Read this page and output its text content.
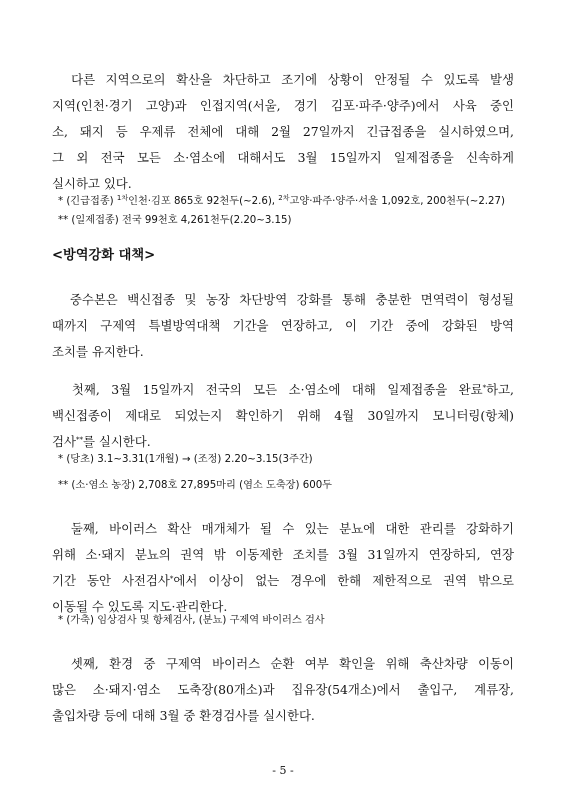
　다른 지역으로의 확산을 차단하고 조기에 상황이 안정될 수 있도록 발생
지역(인천·경기 고양)과 인접지역(서울, 경기 김포·파주·양주)에서 사육 중인
소, 돼지 등 우제류 전체에 대해 2월 27일까지 긴급접종을 실시하였으며,
그 외 전국 모든 소·염소에 대해서도 3월 15일까지 일제접종을 신속하게
실시하고 있다.
* (긴급접종) $^{1차}$인천·김포 865호 92천두(~2.6), $^{2차}$고양·파주·양주·서울 1,092호, 200천두(~2.27)
** (일제접종) 전국 99천호 4,261천두(2.20~3.15)
<방역강화 대책>
　중수본은 백신접종 및 농장 차단방역 강화를 통해 충분한 면역력이 형성될
때까지 구제역 특별방역대책 기간을 연장하고, 이 기간 중에 강화된 방역
조치를 유지한다.
　첫째, 3월 15일까지 전국의 모든 소·염소에 대해 일제접종을 완료*하고,
백신접종이 제대로 되었는지 확인하기 위해 4월 30일까지 모니터링(항체)
검사**를 실시한다.
* (당초) 3.1~3.31(1개월) → (조정) 2.20~3.15(3주간)
** (소·염소 농장) 2,708호 27,895마리 (염소 도축장) 600두
　둘째, 바이러스 확산 매개체가 될 수 있는 분뇨에 대한 관리를 강화하기
위해 소·돼지 분뇨의 권역 밖 이동제한 조치를 3월 31일까지 연장하되, 연장
기간 동안 사전검사*에서 이상이 없는 경우에 한해 제한적으로 권역 밖으로
이동될 수 있도록 지도·관리한다.
* (가축) 임상검사 및 항체검사, (분뇨) 구제역 바이러스 검사
　셋째, 환경 중 구제역 바이러스 순환 여부 확인을 위해 축산차량 이동이
많은 소·돼지·염소 도축장(80개소)과 집유장(54개소)에서 출입구, 계류장,
출입차량 등에 대해 3월 중 환경검사를 실시한다.
- 5 -
